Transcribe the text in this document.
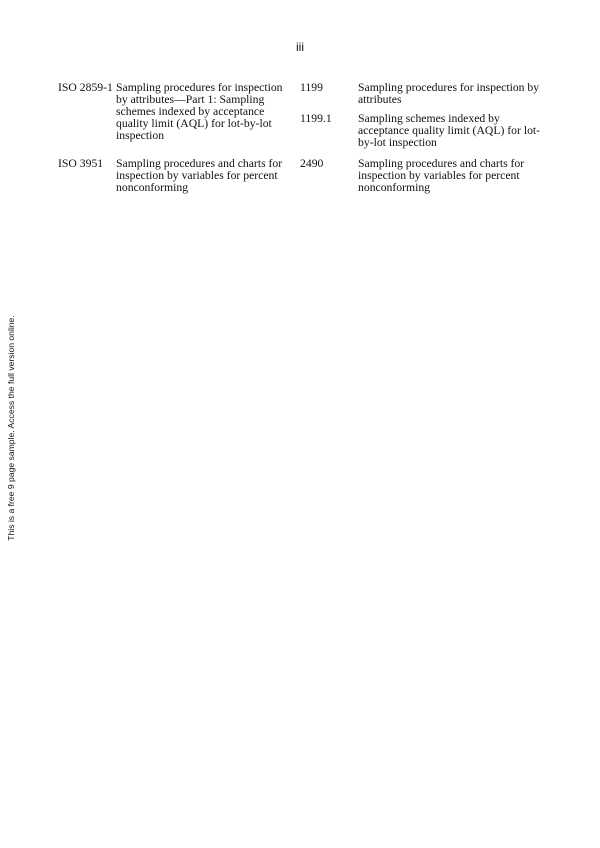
iii
This is a free 9 page sample. Access the full version online.
ISO 2859-1 Sampling procedures for inspection
by attributes—Part 1: Sampling
schemes indexed by acceptance
quality limit (AQL) for lot-by-lot
inspection
1199	Sampling procedures for inspection by
attributes
1199.1 Sampling schemes indexed by
acceptance quality limit (AQL) for lot-
by-lot inspection
ISO 3951 Sampling procedures and charts for
inspection by variables for percent
nonconforming
2490	Sampling procedures and charts for
inspection by variables for percent
nonconforming
